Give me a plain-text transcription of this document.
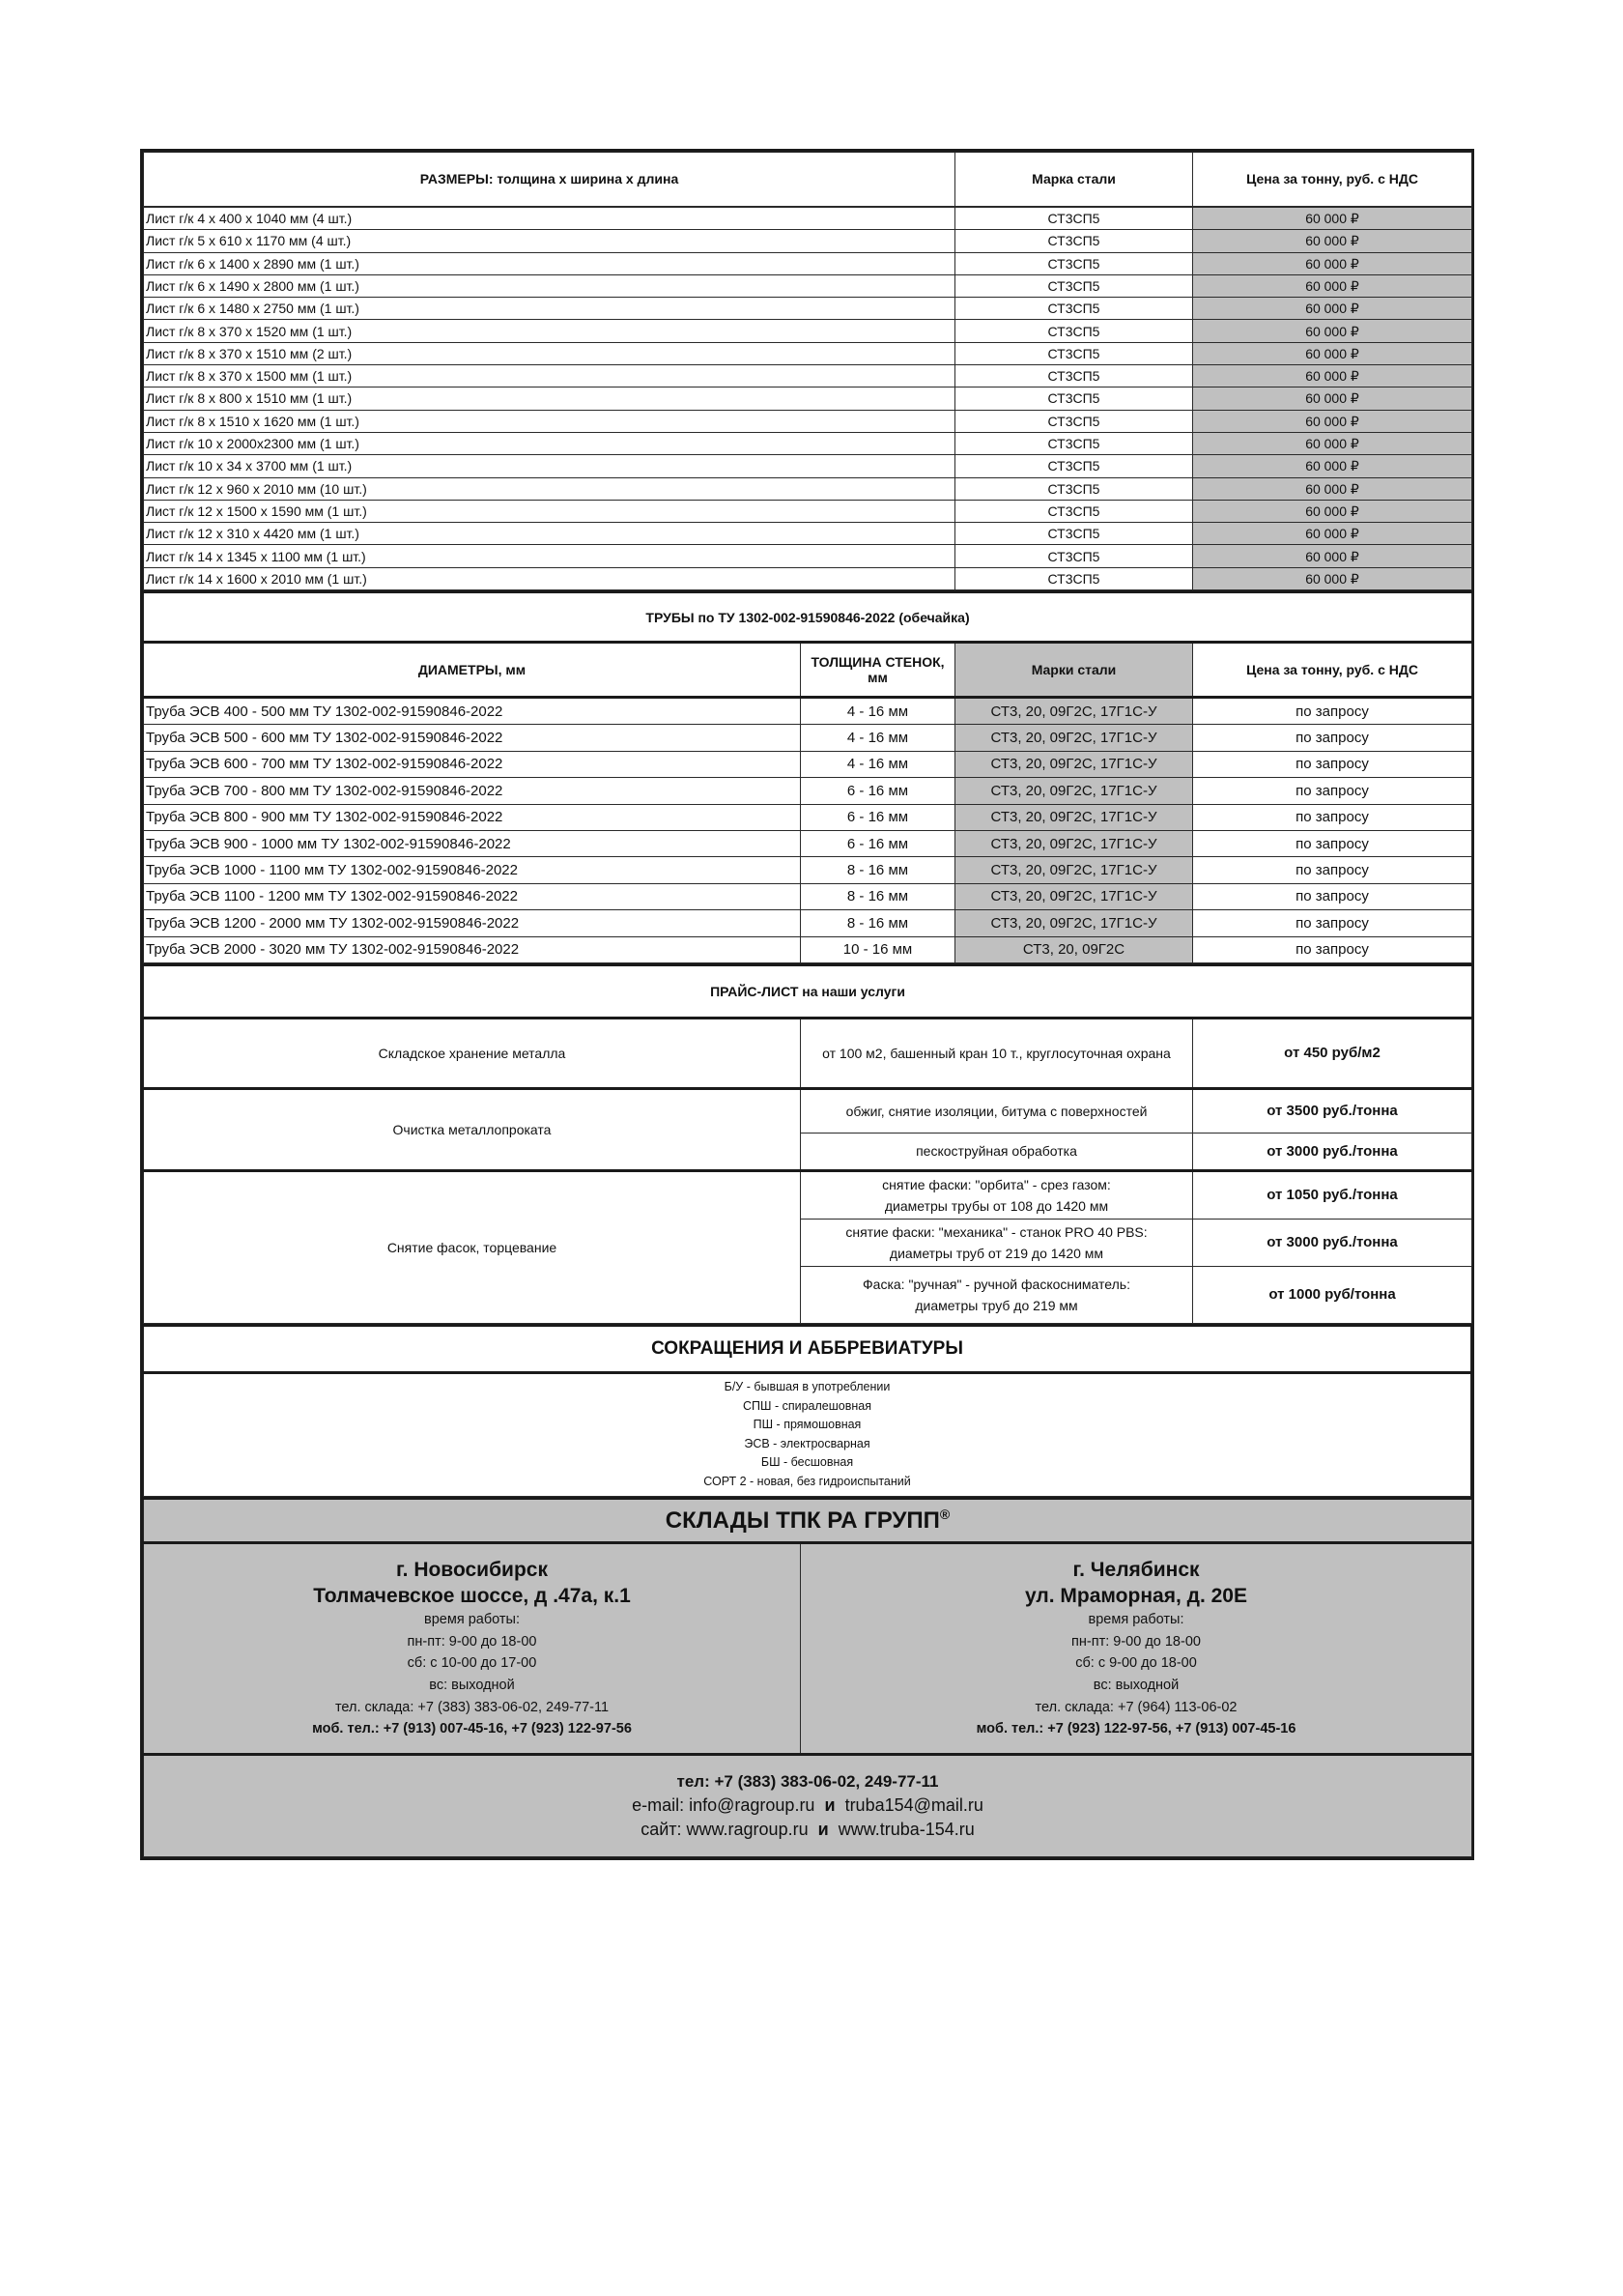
РАЗМЕРЫ: толщина х ширина х длина	Марка стали	Цена за тонну, руб. с НДС
Лист г/к 4 х 400 х 1040 мм (4 шт.)	СТ3СП5	60 000 ₽
Лист г/к 5 х 610 х 1170 мм (4 шт.)	СТ3СП5	60 000 ₽
Лист г/к 6 х 1400 х 2890 мм (1 шт.)	СТ3СП5	60 000 ₽
Лист г/к 6 х 1490 х 2800 мм (1 шт.)	СТ3СП5	60 000 ₽
Лист г/к 6 х 1480 х 2750 мм (1 шт.)	СТ3СП5	60 000 ₽
Лист г/к 8 х 370 х 1520 мм (1 шт.)	СТ3СП5	60 000 ₽
Лист г/к 8 х 370 х 1510 мм (2 шт.)	СТ3СП5	60 000 ₽
Лист г/к 8 х 370 х 1500 мм (1 шт.)	СТ3СП5	60 000 ₽
Лист г/к 8 х 800 х 1510 мм (1 шт.)	СТ3СП5	60 000 ₽
Лист г/к 8 х 1510 х 1620 мм (1 шт.)	СТ3СП5	60 000 ₽
Лист г/к 10 х 2000х2300 мм (1 шт.)	СТ3СП5	60 000 ₽
Лист г/к 10 х 34 х 3700 мм (1 шт.)	СТ3СП5	60 000 ₽
Лист г/к 12 х 960 х 2010 мм (10 шт.)	СТ3СП5	60 000 ₽
Лист г/к 12 х 1500 х 1590 мм (1 шт.)	СТ3СП5	60 000 ₽
Лист г/к 12 х 310 х 4420 мм (1 шт.)	СТ3СП5	60 000 ₽
Лист г/к 14 х 1345 х 1100 мм (1 шт.)	СТ3СП5	60 000 ₽
Лист г/к 14 х 1600 х 2010 мм (1 шт.)	СТ3СП5	60 000 ₽
ТРУБЫ по ТУ 1302-002-91590846-2022 (обечайка)			
ДИАМЕТРЫ, мм	ТОЛЩИНА СТЕНОК, мм	Марки стали	Цена за тонну, руб. с НДС
Труба ЭСВ 400 - 500 мм ТУ 1302-002-91590846-2022	4 - 16 мм	СТ3, 20, 09Г2С, 17Г1С-У	по запросу
Труба ЭСВ 500 - 600 мм ТУ 1302-002-91590846-2022	4 - 16 мм	СТ3, 20, 09Г2С, 17Г1С-У	по запросу
Труба ЭСВ 600 - 700 мм ТУ 1302-002-91590846-2022	4 - 16 мм	СТ3, 20, 09Г2С, 17Г1С-У	по запросу
Труба ЭСВ 700 - 800 мм ТУ 1302-002-91590846-2022	6 - 16 мм	СТ3, 20, 09Г2С, 17Г1С-У	по запросу
Труба ЭСВ 800 - 900 мм ТУ 1302-002-91590846-2022	6 - 16 мм	СТ3, 20, 09Г2С, 17Г1С-У	по запросу
Труба ЭСВ 900 - 1000 мм ТУ 1302-002-91590846-2022	6 - 16 мм	СТ3, 20, 09Г2С, 17Г1С-У	по запросу
Труба ЭСВ 1000 - 1100 мм ТУ 1302-002-91590846-2022	8 - 16 мм	СТ3, 20, 09Г2С, 17Г1С-У	по запросу
Труба ЭСВ 1100 - 1200 мм ТУ 1302-002-91590846-2022	8 - 16 мм	СТ3, 20, 09Г2С, 17Г1С-У	по запросу
Труба ЭСВ 1200 - 2000 мм ТУ 1302-002-91590846-2022	8 - 16 мм	СТ3, 20, 09Г2С, 17Г1С-У	по запросу
Труба ЭСВ 2000 - 3020 мм ТУ 1302-002-91590846-2022	10 - 16 мм	СТ3, 20, 09Г2С	по запросу
ПРАЙС-ЛИСТ на наши услуги		
Складское хранение металла	от 100 м2, башенный кран 10 т., круглосуточная охрана	от 450 руб/м2
Очистка металлопроката	обжиг, снятие изоляции, битума с поверхностей	от 3500 руб./тонна
	пескоструйная обработка	от 3000 руб./тонна
Снятие фасок, торцевание	снятие фаски: "орбита" - срез газом:
диаметры трубы от 108 до 1420 мм	от 1050 руб./тонна

	снятие фаски: "механика" - станок PRO 40 PBS:
диаметры труб от 219 до 1420 мм	от 3000 руб./тонна

	Фаска: "ручная" - ручной фаскосниматель:
диаметры труб до 219 мм	от 1000 руб/тонна
СОКРАЩЕНИЯ И АББРЕВИАТУРЫ

Б/У - бывшая в употреблении
СПШ - спиралешовная
ПШ - прямошовная
ЭСВ - электросварная
БШ - бесшовная
СОРТ 2 - новая, без гидроиспытаний
СКЛАДЫ ТПК РА ГРУПП®

г. Новосибирск
Толмачевское шоссе, д .47а, к.1
время работы:
пн-пт: 9-00 до 18-00
сб: с 10-00 до 17-00
вс: выходной
тел. склада: +7 (383) 383-06-02, 249-77-11
моб. тел.: +7 (913) 007-45-16, +7 (923) 122-97-56

г. Челябинск
ул. Мраморная, д. 20Е
время работы:
пн-пт: 9-00 до 18-00
сб: с 9-00 до 18-00
вс: выходной
тел. склада: +7 (964) 113-06-02
моб. тел.: +7 (923) 122-97-56, +7 (913) 007-45-16

тел: +7 (383) 383-06-02, 249-77-11
e-mail: info@ragroup.ru и truba154@mail.ru
сайт: www.ragroup.ru и www.truba-154.ru
